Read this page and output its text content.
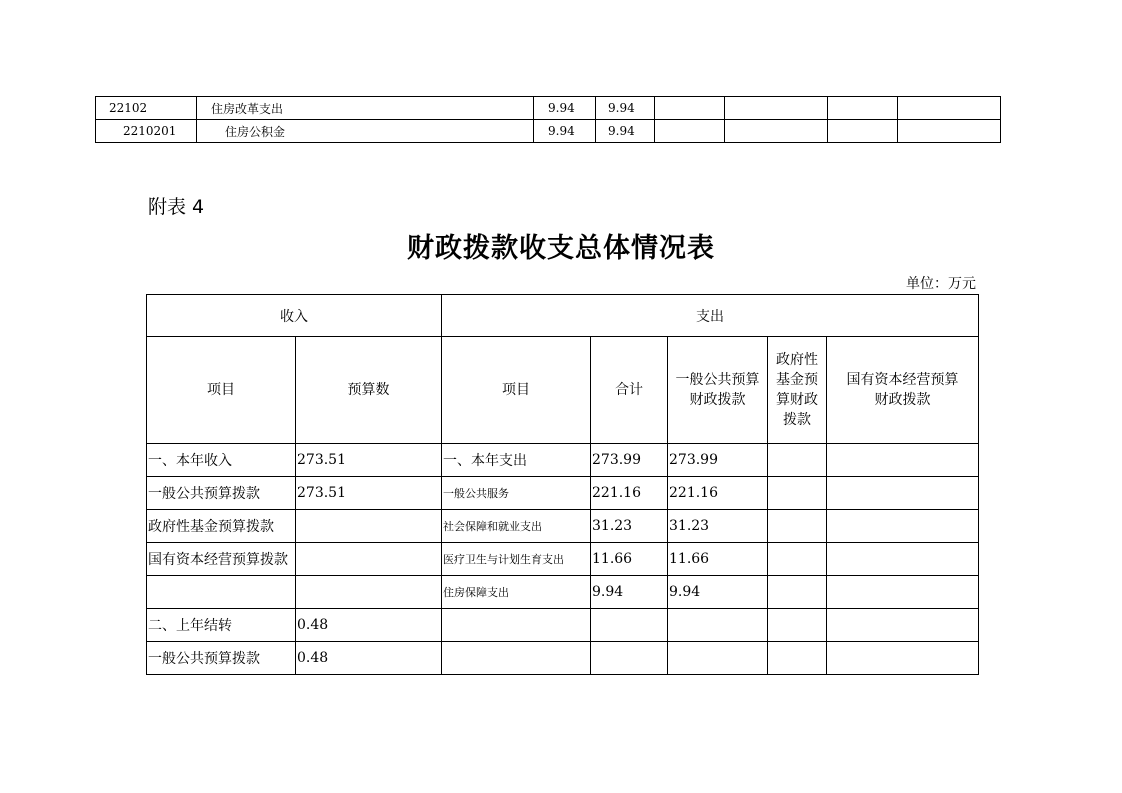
22102	住房改革支出	9.94	9.94				
2210201	住房公积金	9.94	9.94				
附表 4
财政拨款收支总体情况表
单位：万元
收入		支出				
项目	预算数	项目	合计	一般公共预算财政拨款	政府性基金预算财政拨款	国有资本经营预算财政拨款
一、本年收入	273.51	一、本年支出	273.99	273.99		
一般公共预算拨款	273.51	一般公共服务	221.16	221.16		
政府性基金预算拨款		社会保障和就业支出	31.23	31.23		
国有资本经营预算拨款		医疗卫生与计划生育支出	11.66	11.66		
		住房保障支出	9.94	9.94		
二、上年结转	0.48					
一般公共预算拨款	0.48					
